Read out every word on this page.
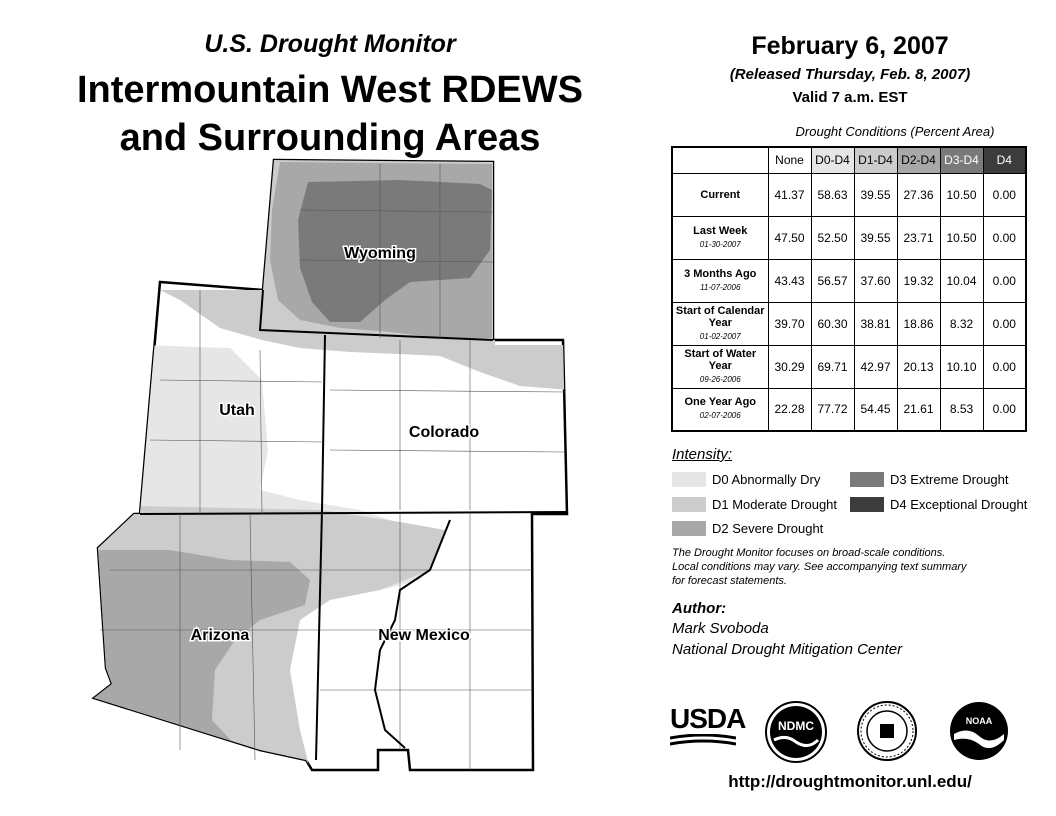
U.S. Drought Monitor
Intermountain West RDEWS
and Surrounding Areas
Wyoming
Utah
Colorado
Arizona	New Mexico
February 6, 2007
(Released Thursday, Feb. 8, 2007)
Valid 7 a.m. EST
Drought Conditions (Percent Area)
	None	D0-D4	D1-D4	D2-D4	D3-D4	D4
Current	41.37	58.63	39.55	27.36	10.50	0.00
Last Week
01-30-2007	47.50	52.50	39.55	23.71	10.50	0.00
3 Months Ago
11-07-2006	43.43	56.57	37.60	19.32	10.04	0.00
Start of Calendar Year
01-02-2007	39.70	60.30	38.81	18.86	8.32	0.00
Start of Water Year
09-26-2006	30.29	69.71	42.97	20.13	10.10	0.00
One Year Ago
02-07-2006	22.28	77.72	54.45	21.61	8.53	0.00
Intensity:
D0 Abnormally Dry
D1 Moderate Drought
D2 Severe Drought
D3 Extreme Drought
D4 Exceptional Drought
The Drought Monitor focuses on broad-scale conditions.
Local conditions may vary. See accompanying text summary
for forecast statements.
Author:
Mark Svoboda
National Drought Mitigation Center
USDA	NDMC	NOAA
http://droughtmonitor.unl.edu/
